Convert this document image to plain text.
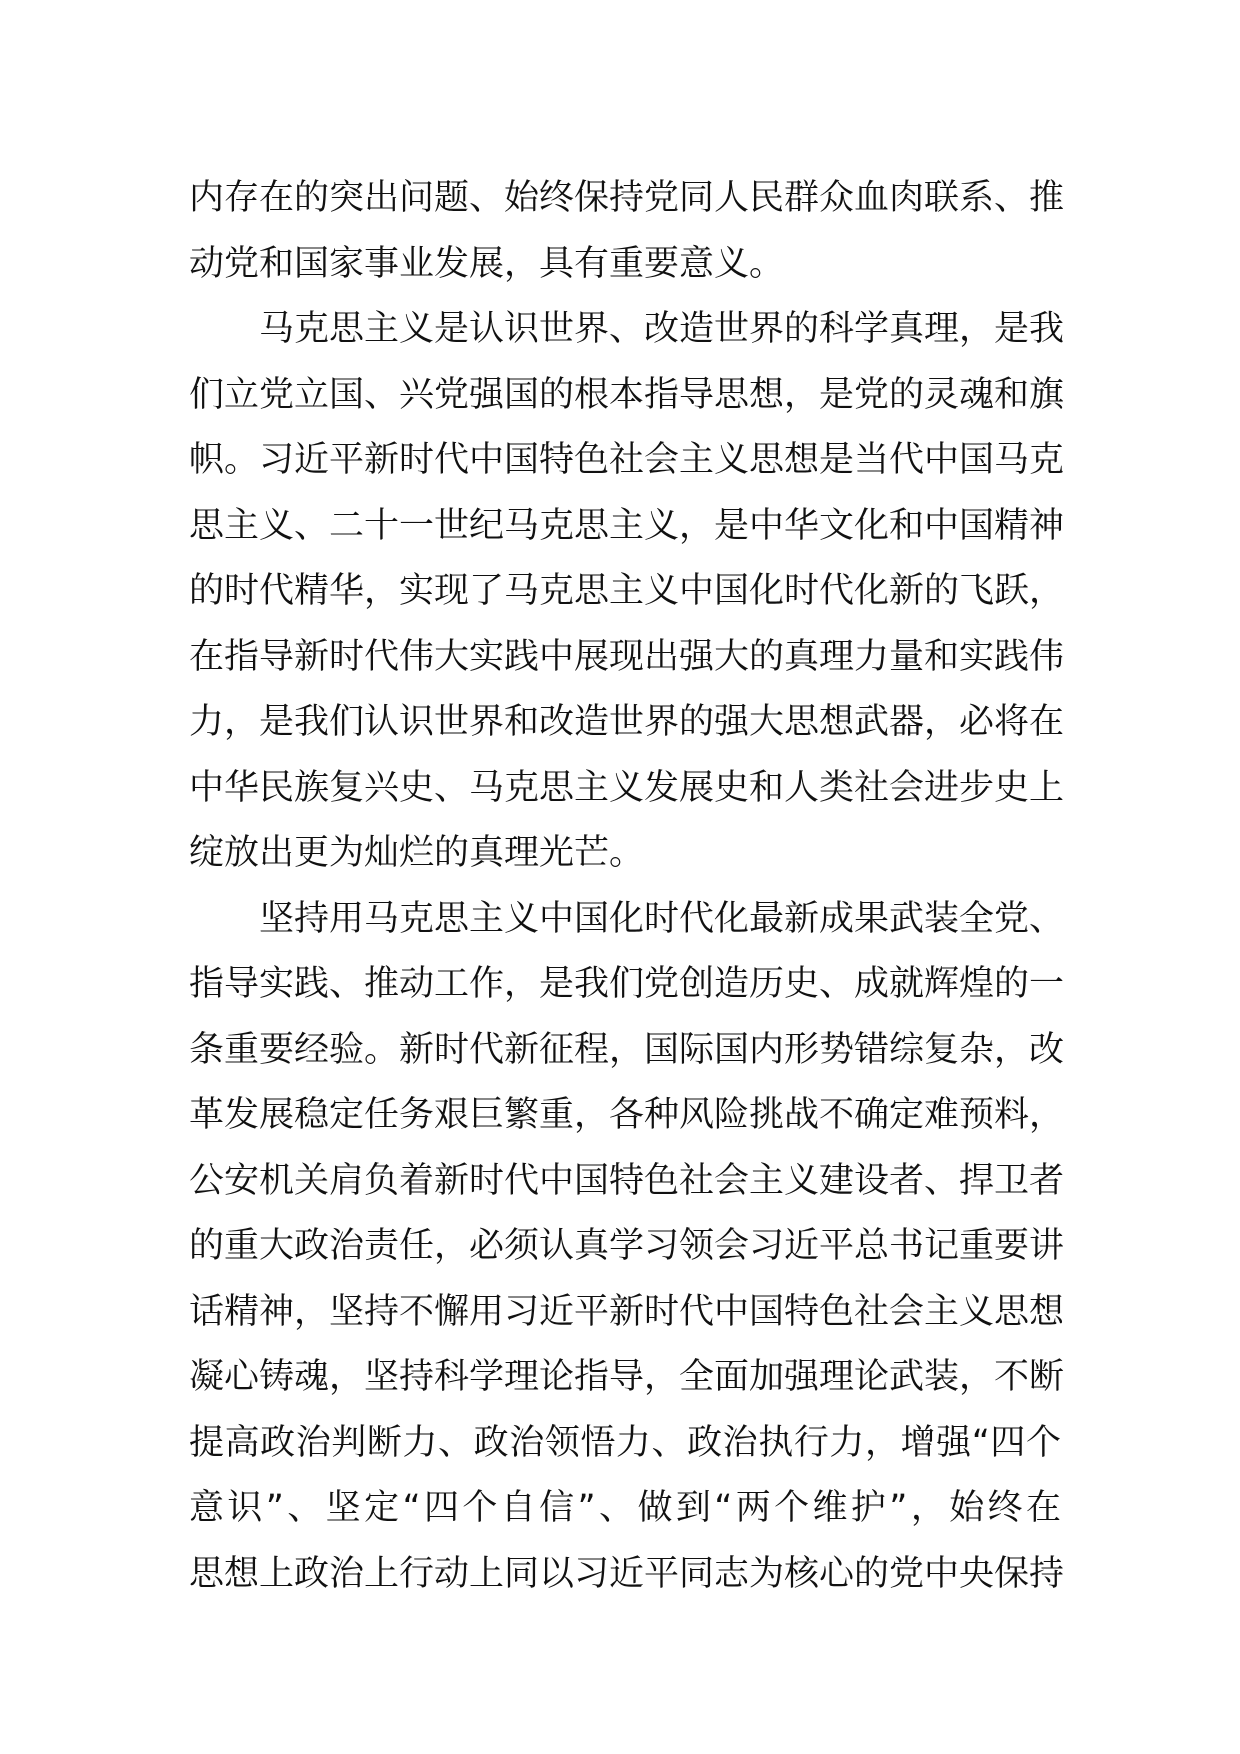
内存在的突出问题、始终保持党同人民群众血肉联系、推
动党和国家事业发展，具有重要意义。
马克思主义是认识世界、改造世界的科学真理，是我
们立党立国、兴党强国的根本指导思想，是党的灵魂和旗
帜。习近平新时代中国特色社会主义思想是当代中国马克
思主义、二十一世纪马克思主义，是中华文化和中国精神
的时代精华，实现了马克思主义中国化时代化新的飞跃，
在指导新时代伟大实践中展现出强大的真理力量和实践伟
力，是我们认识世界和改造世界的强大思想武器，必将在
中华民族复兴史、马克思主义发展史和人类社会进步史上
绽放出更为灿烂的真理光芒。
坚持用马克思主义中国化时代化最新成果武装全党、
指导实践、推动工作，是我们党创造历史、成就辉煌的一
条重要经验。新时代新征程，国际国内形势错综复杂，改
革发展稳定任务艰巨繁重，各种风险挑战不确定难预料，
公安机关肩负着新时代中国特色社会主义建设者、捍卫者
的重大政治责任，必须认真学习领会习近平总书记重要讲
话精神，坚持不懈用习近平新时代中国特色社会主义思想
凝心铸魂，坚持科学理论指导，全面加强理论武装，不断
提高政治判断力、政治领悟力、政治执行力，增强“四个
意识”、坚定“四个自信”、做到“两个维护”，始终在
思想上政治上行动上同以习近平同志为核心的党中央保持
